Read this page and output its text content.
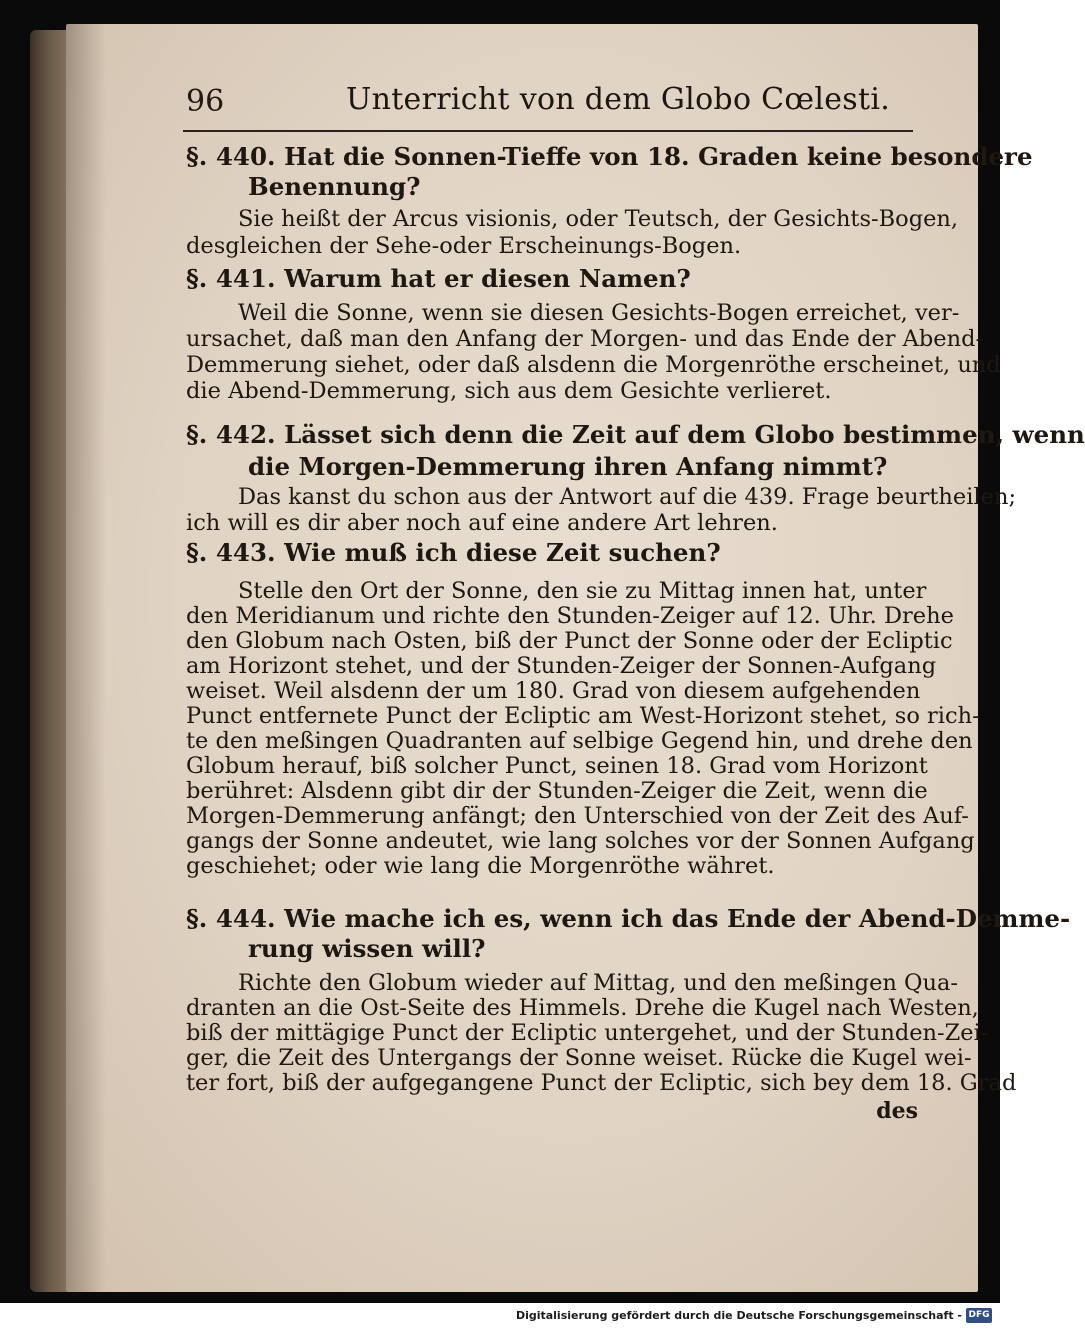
96	Unterricht von dem Globo Cœlesti.
§. 440. Hat die Sonnen-Tieffe von 18. Graden keine besondere
Benennung?
Sie heißt der Arcus visionis, oder Teutsch, der Gesichts-Bogen,
desgleichen der Sehe-oder Erscheinungs-Bogen.
§. 441. Warum hat er diesen Namen?
Weil die Sonne, wenn sie diesen Gesichts-Bogen erreichet, ver-
ursachet, daß man den Anfang der Morgen- und das Ende der Abend-
Demmerung siehet, oder daß alsdenn die Morgenröthe erscheinet, und
die Abend-Demmerung, sich aus dem Gesichte verlieret.
§. 442. Lässet sich denn die Zeit auf dem Globo bestimmen, wenn
die Morgen-Demmerung ihren Anfang nimmt?
Das kanst du schon aus der Antwort auf die 439. Frage beurtheilen;
ich will es dir aber noch auf eine andere Art lehren.
§. 443. Wie muß ich diese Zeit suchen?
Stelle den Ort der Sonne, den sie zu Mittag innen hat, unter
den Meridianum und richte den Stunden-Zeiger auf 12. Uhr. Drehe
den Globum nach Osten, biß der Punct der Sonne oder der Ecliptic
am Horizont stehet, und der Stunden-Zeiger der Sonnen-Aufgang
weiset. Weil alsdenn der um 180. Grad von diesem aufgehenden
Punct entfernete Punct der Ecliptic am West-Horizont stehet, so rich-
te den meßingen Quadranten auf selbige Gegend hin, und drehe den
Globum herauf, biß solcher Punct, seinen 18. Grad vom Horizont
berühret: Alsdenn gibt dir der Stunden-Zeiger die Zeit, wenn die
Morgen-Demmerung anfängt; den Unterschied von der Zeit des Auf-
gangs der Sonne andeutet, wie lang solches vor der Sonnen Aufgang
geschiehet; oder wie lang die Morgenröthe währet.
§. 444. Wie mache ich es, wenn ich das Ende der Abend-Demme-
rung wissen will?
Richte den Globum wieder auf Mittag, und den meßingen Qua-
dranten an die Ost-Seite des Himmels. Drehe die Kugel nach Westen,
biß der mittägige Punct der Ecliptic untergehet, und der Stunden-Zei-
ger, die Zeit des Untergangs der Sonne weiset. Rücke die Kugel wei-
ter fort, biß der aufgegangene Punct der Ecliptic, sich bey dem 18. Grad
des
Digitalisierung gefördert durch die Deutsche Forschungsgemeinschaft - DFG
